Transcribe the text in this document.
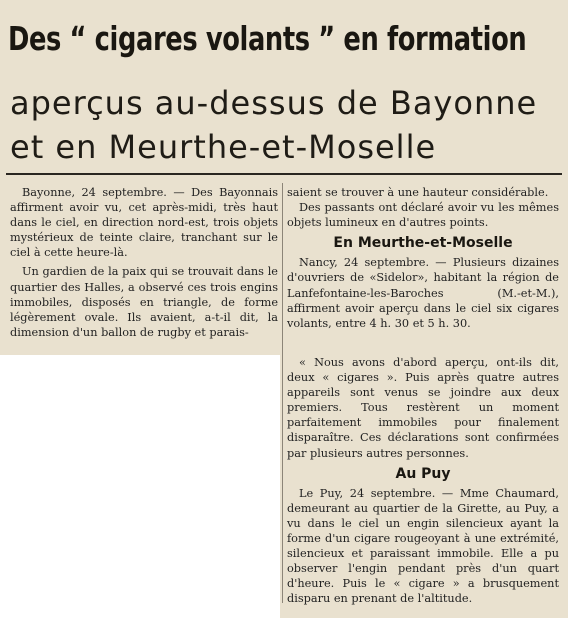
Des “ cigares volants ” en formation
aperçus au-dessus de Bayonne
et en Meurthe-et-Moselle

Bayonne, 24 septembre. — Des Bayonnais affirment avoir vu, cet après-midi, très haut dans le ciel, en direction nord-est, trois objets mystérieux de teinte claire, tranchant sur le ciel à cette heure-là.

Un gardien de la paix qui se trouvait dans le quartier des Halles, a observé ces trois engins immobiles, disposés en triangle, de forme légèrement ovale. Ils avaient, a-t-il dit, la dimension d'un ballon de rugby et parais-

saient se trouver à une hauteur considérable.

Des passants ont déclaré avoir vu les mêmes objets lumineux en d'autres points.

En Meurthe-et-Moselle

Nancy, 24 septembre. — Plusieurs dizaines d'ouvriers de «Sidelor», habitant la région de Lanfefontaine-les-Baroches (M.-et-M.), affirment avoir aperçu dans le ciel six cigares volants, entre 4 h. 30 et 5 h. 30.

« Nous avons d'abord aperçu, ont-ils dit, deux « cigares ». Puis après quatre autres appareils sont venus se joindre aux deux premiers. Tous restèrent un moment parfaitement immobiles pour finalement disparaître. Ces déclarations sont confirmées par plusieurs autres personnes.

Au Puy

Le Puy, 24 septembre. — Mme Chaumard, demeurant au quartier de la Girette, au Puy, a vu dans le ciel un engin silencieux ayant la forme d'un cigare rougeoyant à une extrémité, silencieux et paraissant immobile. Elle a pu observer l'engin pendant près d'un quart d'heure. Puis le « cigare » a brusquement disparu en prenant de l'altitude.
